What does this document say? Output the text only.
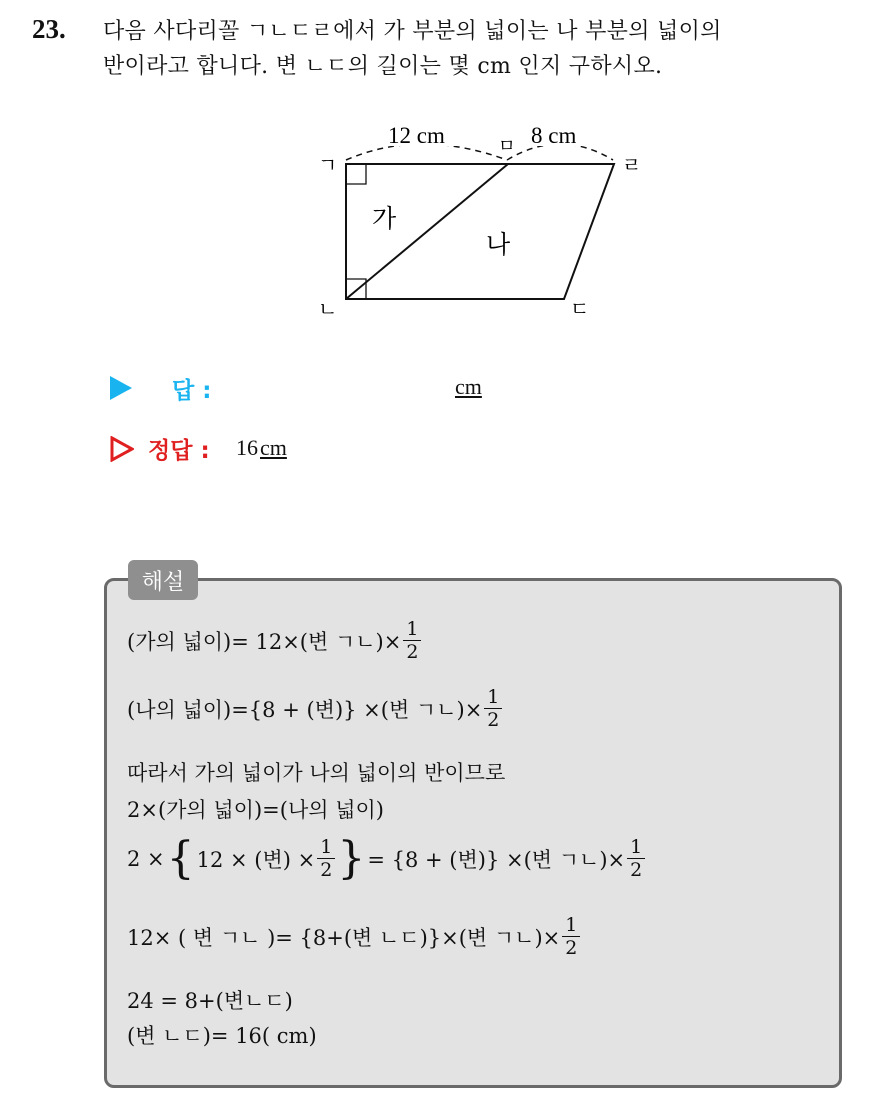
23. 다음 사다리꼴 ㄱㄴㄷㄹ에서 가 부분의 넓이는 나 부분의 넓이의
반이라고 합니다. 변 ㄴㄷ의 길이는 몇 cm 인지 구하시오.
12 cm	8 cm
ㄱ
ㄴ	ㄷ
ㄹ
ㅁ
가
나
답 :	cm
정답 : 16cm
해설
(가의 넓이)= 12×(변 ㄱㄴ)× $\frac{1}{2}$
(나의 넓이)={8 + (변)} ×(변 ㄱㄴ)× $\frac{1}{2}$
따라서 가의 넓이가 나의 넓이의 반이므로
2×(가의 넓이)=(나의 넓이)
2 × { 12 × (변) × $\frac{1}{2}$ } = {8 + (변)} ×(변 ㄱㄴ)× $\frac{1}{2}$
12× ( 변 ㄱㄴ )= {8+(변 ㄴㄷ)}×(변 ㄱㄴ)× $\frac{1}{2}$
24 = 8+(변ㄴㄷ)
(변 ㄴㄷ)= 16( cm)
